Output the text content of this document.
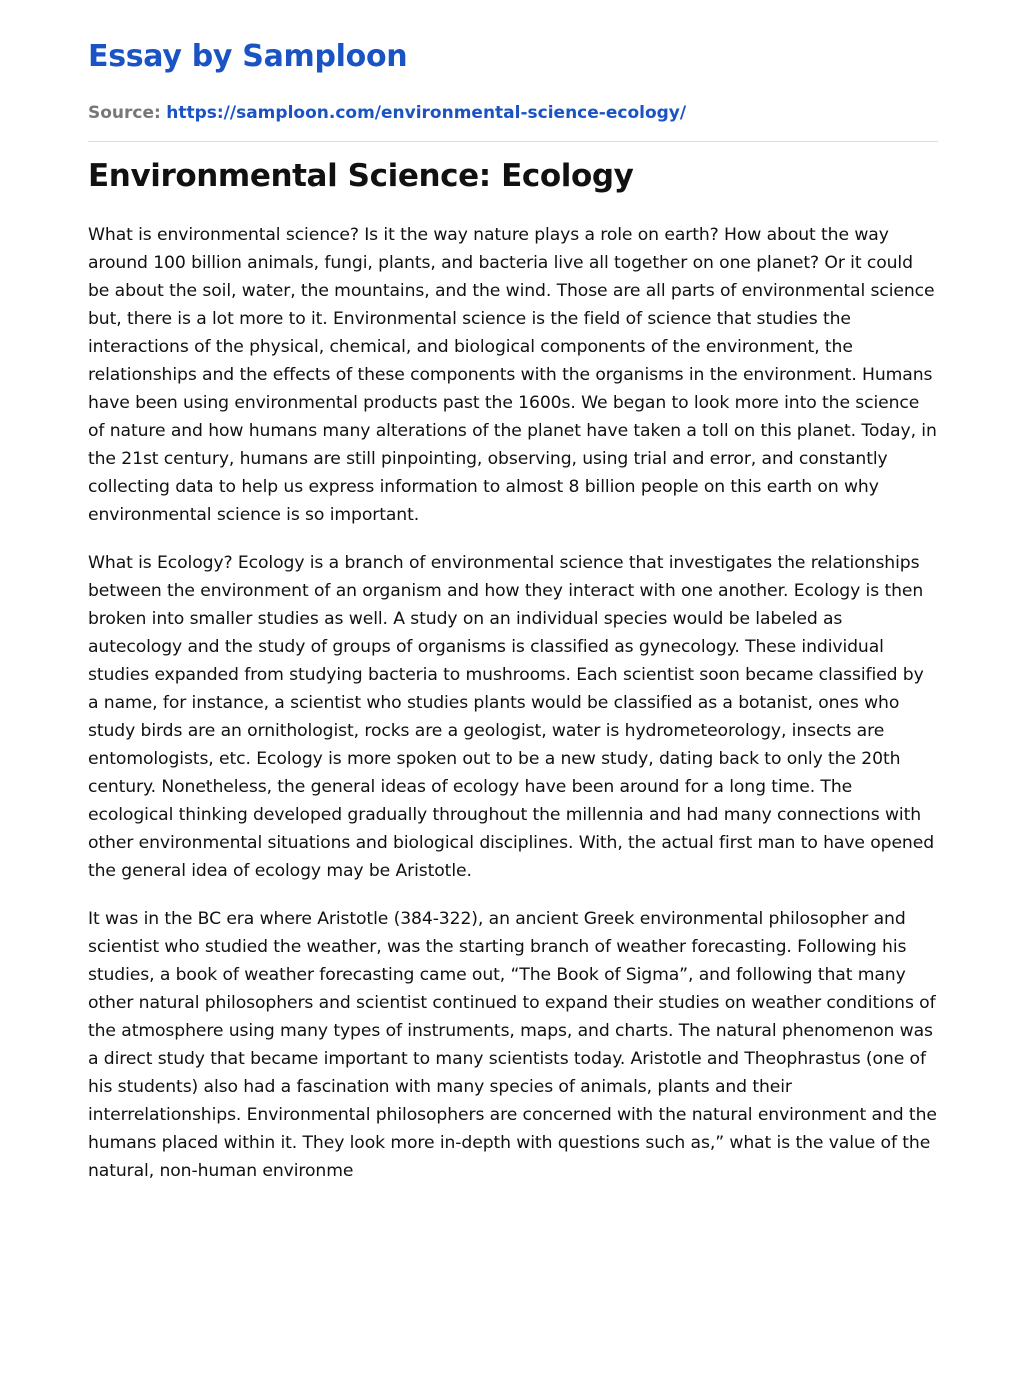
Essay by Samploon
Source: https://samploon.com/environmental-science-ecology/
Environmental Science: Ecology

What is environmental science? Is it the way nature plays a role on earth? How about the way around 100 billion animals, fungi, plants, and bacteria live all together on one planet? Or it could be about the soil, water, the mountains, and the wind. Those are all parts of environmental science but, there is a lot more to it. Environmental science is the field of science that studies the interactions of the physical, chemical, and biological components of the environment, the relationships and the effects of these components with the organisms in the environment. Humans have been using environmental products past the 1600s. We began to look more into the science of nature and how humans many alterations of the planet have taken a toll on this planet. Today, in the 21st century, humans are still pinpointing, observing, using trial and error, and constantly collecting data to help us express information to almost 8 billion people on this earth on why environmental science is so important.

What is Ecology? Ecology is a branch of environmental science that investigates the relationships between the environment of an organism and how they interact with one another. Ecology is then broken into smaller studies as well. A study on an individual species would be labeled as autecology and the study of groups of organisms is classified as gynecology. These individual studies expanded from studying bacteria to mushrooms. Each scientist soon became classified by a name, for instance, a scientist who studies plants would be classified as a botanist, ones who study birds are an ornithologist, rocks are a geologist, water is hydrometeorology, insects are entomologists, etc. Ecology is more spoken out to be a new study, dating back to only the 20th century. Nonetheless, the general ideas of ecology have been around for a long time. The ecological thinking developed gradually throughout the millennia and had many connections with other environmental situations and biological disciplines. With, the actual first man to have opened the general idea of ecology may be Aristotle.

It was in the BC era where Aristotle (384-322), an ancient Greek environmental philosopher and scientist who studied the weather, was the starting branch of weather forecasting. Following his studies, a book of weather forecasting came out, “The Book of Sigma”, and following that many other natural philosophers and scientist continued to expand their studies on weather conditions of the atmosphere using many types of instruments, maps, and charts. The natural phenomenon was a direct study that became important to many scientists today. Aristotle and Theophrastus (one of his students) also had a fascination with many species of animals, plants and their interrelationships. Environmental philosophers are concerned with the natural environment and the humans placed within it. They look more in-depth with questions such as,” what is the value of the natural, non-human environme
